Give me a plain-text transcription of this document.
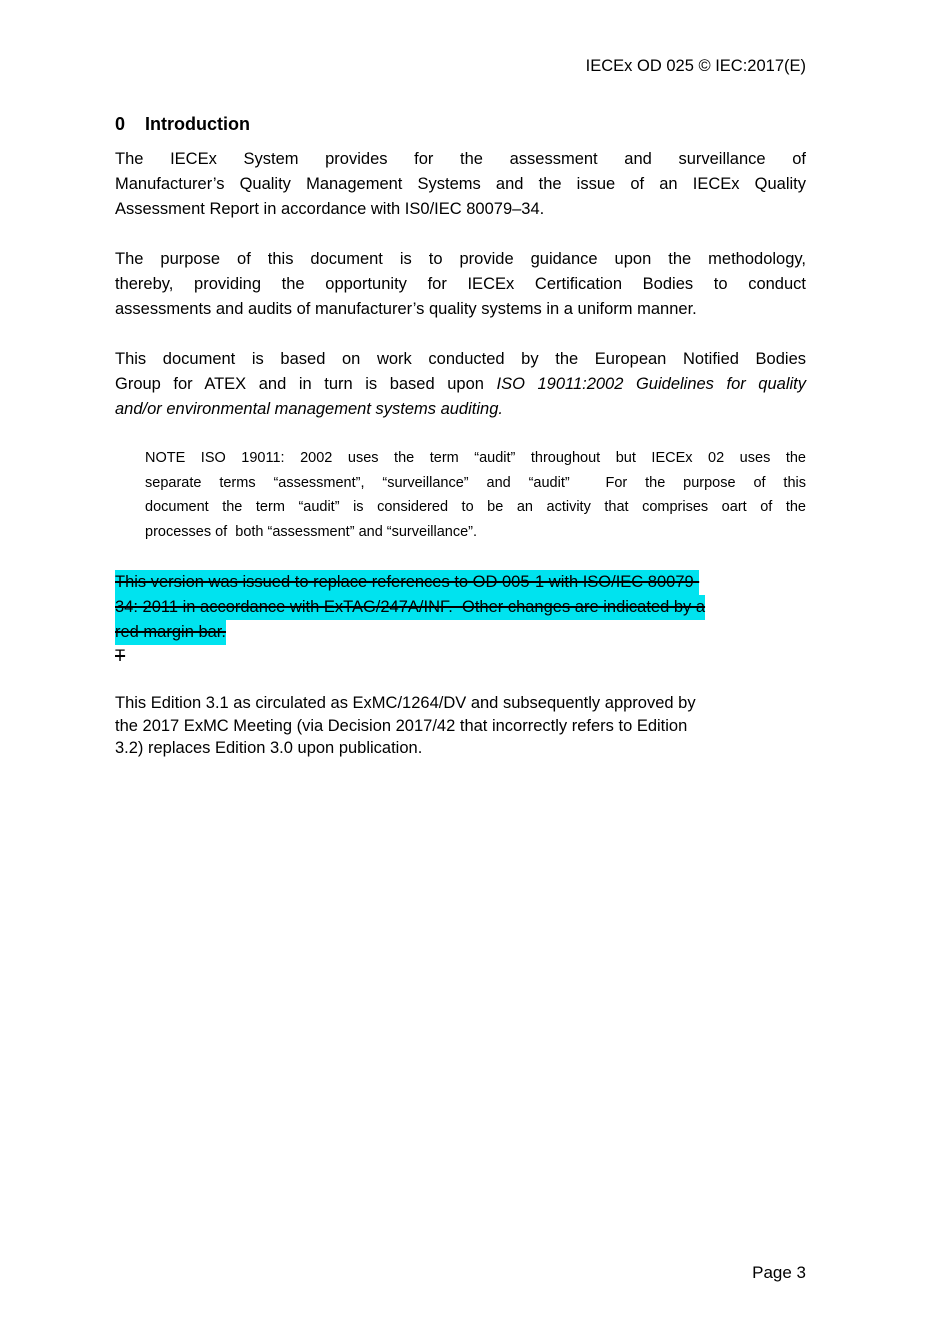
IECEx OD 025 © IEC:2017(E)
0 Introduction
The IECEx System provides for the assessment and surveillance of
Manufacturer’s Quality Management Systems and the issue of an IECEx Quality
Assessment Report in accordance with IS0/IEC 80079–34.
The purpose of this document is to provide guidance upon the methodology,
thereby, providing the opportunity for IECEx Certification Bodies to conduct
assessments and audits of manufacturer’s quality systems in a uniform manner.
This document is based on work conducted by the European Notified Bodies
Group for ATEX and in turn is based upon ISO 19011:2002 Guidelines for quality
and/or environmental management systems auditing.
NOTE ISO 19011: 2002 uses the term “audit” throughout but IECEx 02 uses the
separate terms “assessment”, “surveillance” and “audit”  For the purpose of this
document the term “audit” is considered to be an activity that comprises oart of the
processes of  both “assessment” and “surveillance”.
This version was issued to replace references to OD 005-1 with ISO/IEC 80079-
34: 2011 in accordance with ExTAG/247A/INF.  Other changes are indicated by a
red margin bar.
T
This Edition 3.1 as circulated as ExMC/1264/DV and subsequently approved by
the 2017 ExMC Meeting (via Decision 2017/42 that incorrectly refers to Edition
3.2) replaces Edition 3.0 upon publication.
Page 3
